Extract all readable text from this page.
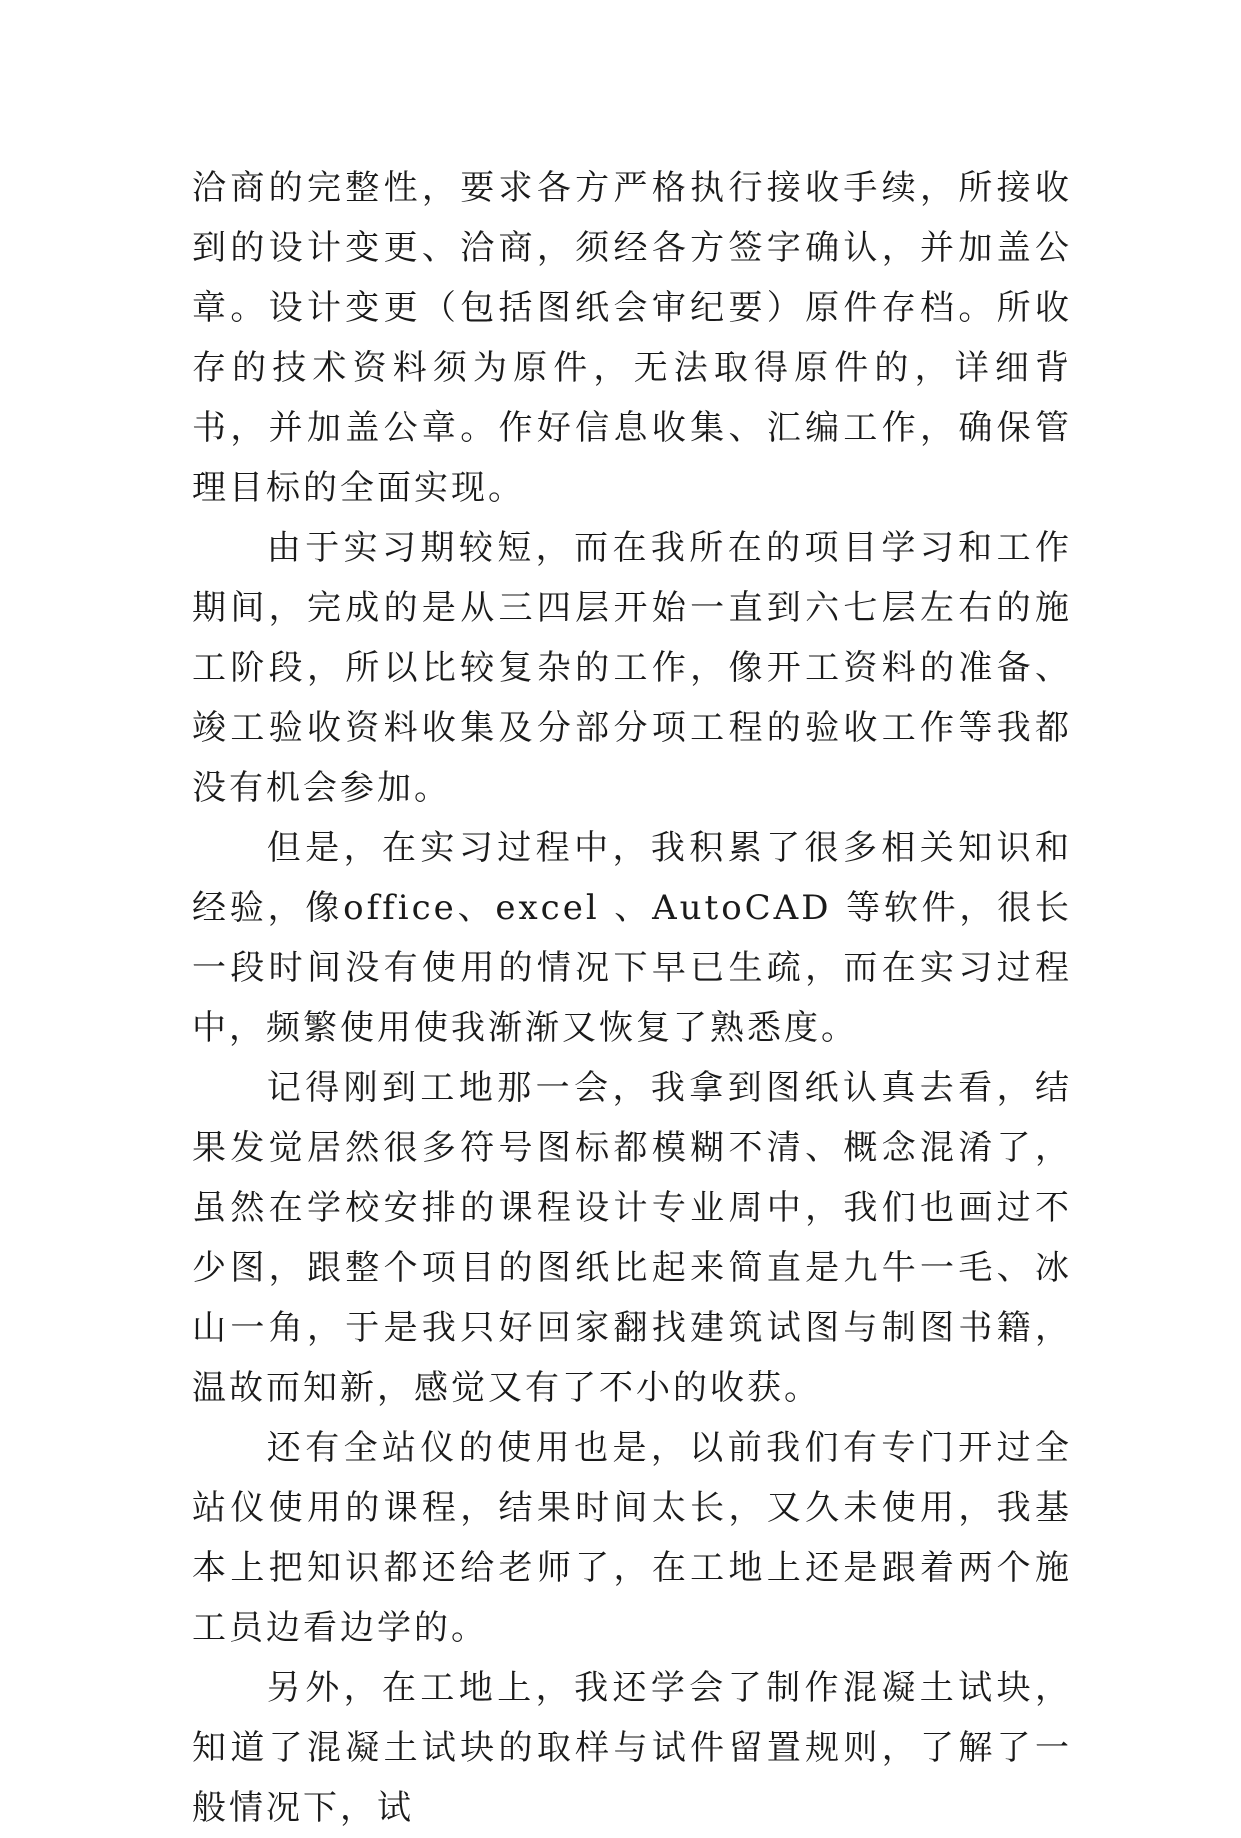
洽商的完整性，要求各方严格执行接收手续，所接收到的设计变更、洽商，须经各方签字确认，并加盖公章。设计变更（包括图纸会审纪要）原件存档。所收存的技术资料须为原件，无法取得原件的，详细背书，并加盖公章。作好信息收集、汇编工作，确保管理目标的全面实现。

由于实习期较短，而在我所在的项目学习和工作期间，完成的是从三四层开始一直到六七层左右的施工阶段，所以比较复杂的工作，像开工资料的准备、竣工验收资料收集及分部分项工程的验收工作等我都没有机会参加。

但是，在实习过程中，我积累了很多相关知识和经验，像office、excel 、AutoCAD 等软件，很长一段时间没有使用的情况下早已生疏，而在实习过程中，频繁使用使我渐渐又恢复了熟悉度。

记得刚到工地那一会，我拿到图纸认真去看，结果发觉居然很多符号图标都模糊不清、概念混淆了，虽然在学校安排的课程设计专业周中，我们也画过不少图，跟整个项目的图纸比起来简直是九牛一毛、冰山一角，于是我只好回家翻找建筑试图与制图书籍，温故而知新，感觉又有了不小的收获。

还有全站仪的使用也是，以前我们有专门开过全站仪使用的课程，结果时间太长，又久未使用，我基本上把知识都还给老师了，在工地上还是跟着两个施工员边看边学的。

另外，在工地上，我还学会了制作混凝土试块，知道了混凝土试块的取样与试件留置规则，了解了一般情况下，试
